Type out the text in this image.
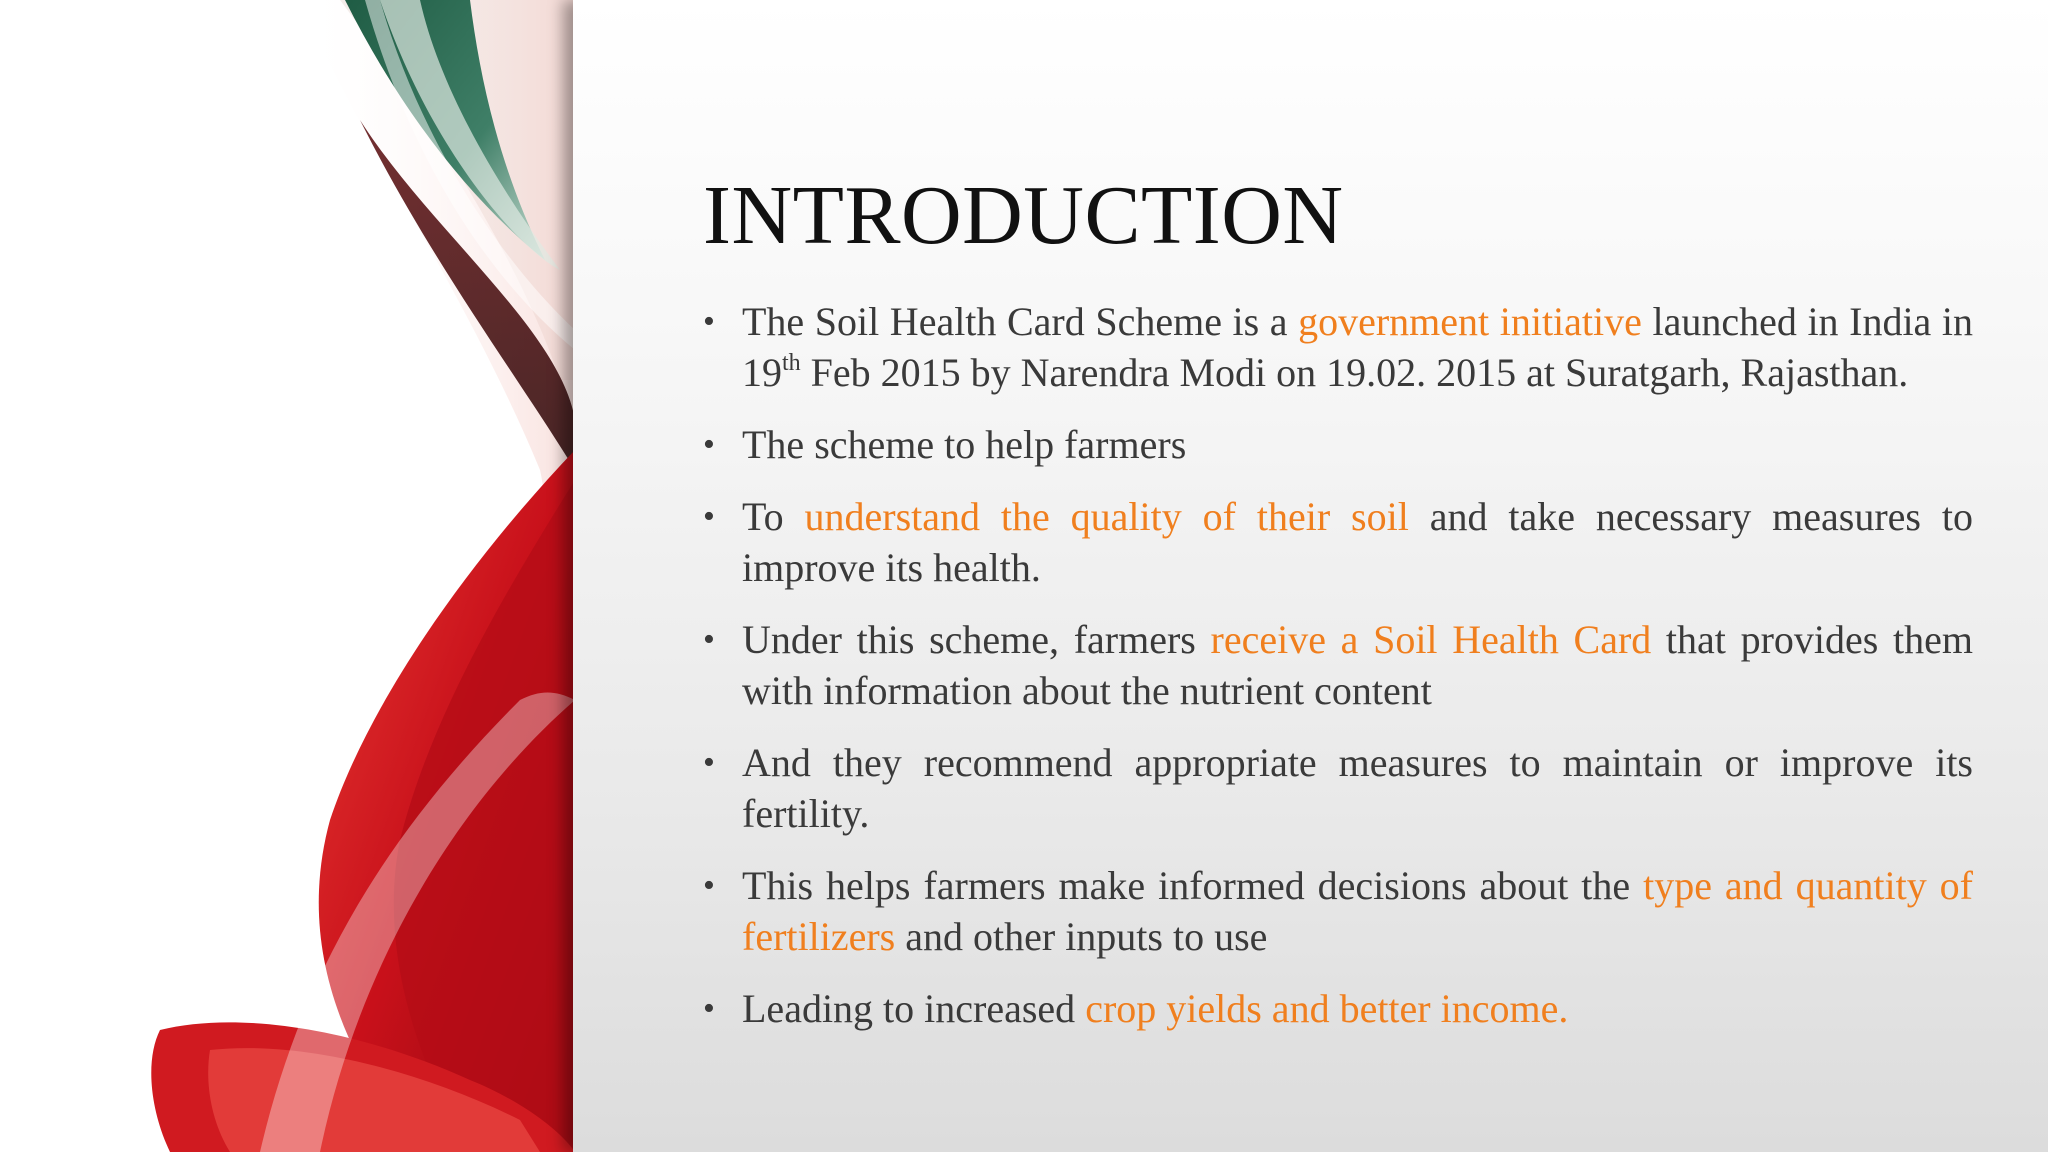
INTRODUCTION
• The Soil Health Card Scheme is a government initiative launched in India in 19th Feb 2015 by Narendra Modi on 19.02. 2015 at Suratgarh, Rajasthan.
• The scheme to help farmers
• To understand the quality of their soil and take necessary measures to improve its health.
• Under this scheme, farmers receive a Soil Health Card that provides them with information about the nutrient content
• And they recommend appropriate measures to maintain or improve its fertility.
• This helps farmers make informed decisions about the type and quantity of fertilizers and other inputs to use
• Leading to increased crop yields and better income.
